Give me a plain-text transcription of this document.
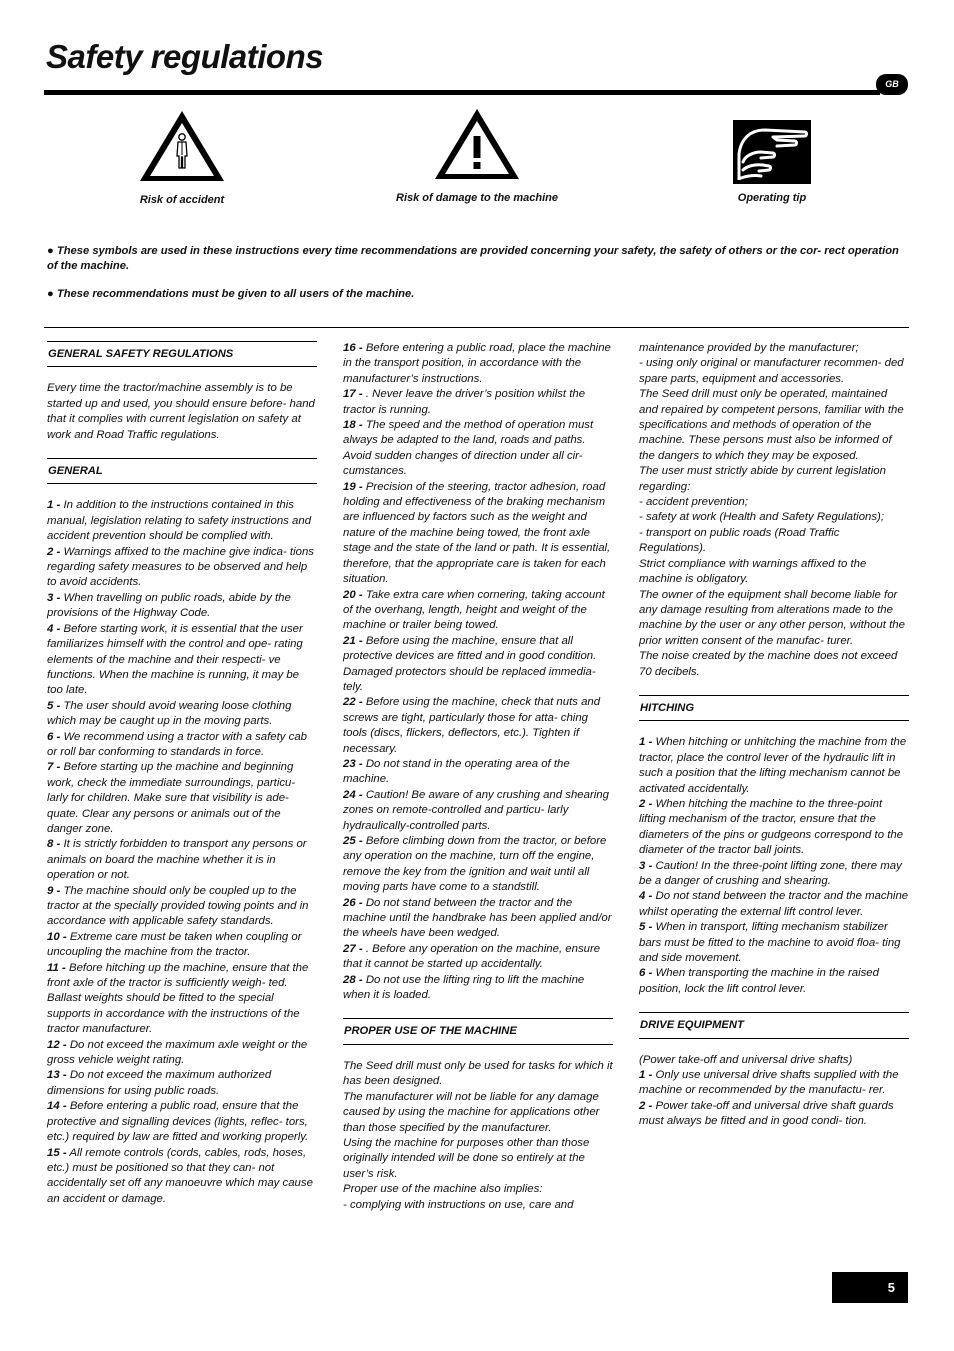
Safety regulations
GB
Risk of accident	Risk of damage to the machine	Operating tip
● These symbols are used in these instructions every time recommendations are provided concerning your safety, the safety of others or the cor- rect operation of the machine.
● These recommendations must be given to all users of the machine.
GENERAL SAFETY REGULATIONS

Every time the tractor/machine assembly is to be started up and used, you should ensure before- hand that it complies with current legislation on safety at work and Road Traffic regulations.

GENERAL

1 - In addition to the instructions contained in this manual, legislation relating to safety instructions and accident prevention should be complied with.

2 - Warnings affixed to the machine give indica- tions regarding safety measures to be observed and help to avoid accidents.

3 - When travelling on public roads, abide by the provisions of the Highway Code.

4 - Before starting work, it is essential that the user familiarizes himself with the control and ope- rating elements of the machine and their respecti- ve functions. When the machine is running, it may be too late.

5 - The user should avoid wearing loose clothing which may be caught up in the moving parts.

6 - We recommend using a tractor with a safety cab or roll bar conforming to standards in force.

7 - Before starting up the machine and beginning work, check the immediate surroundings, particu- larly for children. Make sure that visibility is ade- quate. Clear any persons or animals out of the danger zone.

8 - It is strictly forbidden to transport any persons or animals on board the machine whether it is in operation or not.

9 - The machine should only be coupled up to the tractor at the specially provided towing points and in accordance with applicable safety standards.

10 - Extreme care must be taken when coupling or uncoupling the machine from the tractor.

11 - Before hitching up the machine, ensure that the front axle of the tractor is sufficiently weigh- ted. Ballast weights should be fitted to the special supports in accordance with the instructions of the tractor manufacturer.

12 - Do not exceed the maximum axle weight or the gross vehicle weight rating.

13 - Do not exceed the maximum authorized dimensions for using public roads.

14 - Before entering a public road, ensure that the protective and signalling devices (lights, reflec- tors, etc.) required by law are fitted and working properly.

15 - All remote controls (cords, cables, rods, hoses, etc.) must be positioned so that they can- not accidentally set off any manoeuvre which may cause an accident or damage.

16 - Before entering a public road, place the machine in the transport position, in accordance with the manufacturer’s instructions.

17 - . Never leave the driver’s position whilst the tractor is running.

18 - The speed and the method of operation must always be adapted to the land, roads and paths. Avoid sudden changes of direction under all cir- cumstances.

19 - Precision of the steering, tractor adhesion, road holding and effectiveness of the braking mechanism are influenced by factors such as the weight and nature of the machine being towed, the front axle stage and the state of the land or path. It is essential, therefore, that the appropriate care is taken for each situation.

20 - Take extra care when cornering, taking account of the overhang, length, height and weight of the machine or trailer being towed.

21 - Before using the machine, ensure that all protective devices are fitted and in good condition. Damaged protectors should be replaced immedia- tely.

22 - Before using the machine, check that nuts and screws are tight, particularly those for atta- ching tools (discs, flickers, deflectors, etc.). Tighten if necessary.

23 - Do not stand in the operating area of the machine.

24 - Caution! Be aware of any crushing and shearing zones on remote-controlled and particu- larly hydraulically-controlled parts.

25 - Before climbing down from the tractor, or before any operation on the machine, turn off the engine, remove the key from the ignition and wait until all moving parts have come to a standstill.

26 - Do not stand between the tractor and the machine until the handbrake has been applied and/or the wheels have been wedged.

27 - . Before any operation on the machine, ensure that it cannot be started up accidentally.

28 - Do not use the lifting ring to lift the machine when it is loaded.

PROPER USE OF THE MACHINE

The Seed drill must only be used for tasks for which it has been designed.

The manufacturer will not be liable for any damage caused by using the machine for applications other than those specified by the manufacturer.

Using the machine for purposes other than those originally intended will be done so entirely at the user’s risk.

Proper use of the machine also implies:

- complying with instructions on use, care and

maintenance provided by the manufacturer;

- using only original or manufacturer recommen- ded spare parts, equipment and accessories.

The Seed drill must only be operated, maintained and repaired by competent persons, familiar with the specifications and methods of operation of the machine. These persons must also be informed of the dangers to which they may be exposed.

The user must strictly abide by current legislation regarding:

- accident prevention;

- safety at work (Health and Safety Regulations);

- transport on public roads (Road Traffic Regulations).

Strict compliance with warnings affixed to the machine is obligatory.

The owner of the equipment shall become liable for any damage resulting from alterations made to the machine by the user or any other person, without the prior written consent of the manufac- turer.

The noise created by the machine does not exceed 70 decibels.

HITCHING

1 - When hitching or unhitching the machine from the tractor, place the control lever of the hydraulic lift in such a position that the lifting mechanism cannot be activated accidentally.

2 - When hitching the machine to the three-point lifting mechanism of the tractor, ensure that the diameters of the pins or gudgeons correspond to the diameter of the tractor ball joints.

3 - Caution! In the three-point lifting zone, there may be a danger of crushing and shearing.

4 - Do not stand between the tractor and the machine whilst operating the external lift control lever.

5 - When in transport, lifting mechanism stabilizer bars must be fitted to the machine to avoid floa- ting and side movement.

6 - When transporting the machine in the raised position, lock the lift control lever.

DRIVE EQUIPMENT

(Power take-off and universal drive shafts)

1 - Only use universal drive shafts supplied with the machine or recommended by the manufactu- rer.

2 - Power take-off and universal drive shaft guards must always be fitted and in good condi- tion.

5
